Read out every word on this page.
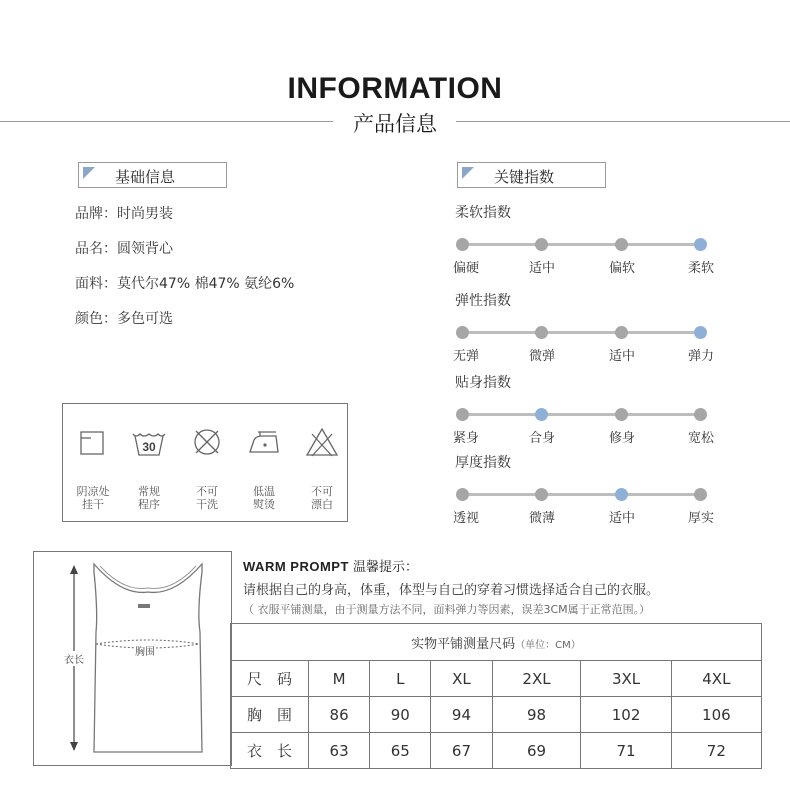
INFORMATION
产品信息
基础信息
品牌：时尚男装
品名：圆领背心
面料：莫代尔47% 棉47% 氨纶6%
颜色：多色可选
关键指数
柔软指数
偏硬	适中	偏软	柔软
弹性指数
无弹	微弹	适中	弹力
贴身指数
紧身	合身	修身	宽松
厚度指数
透视	微薄	适中	厚实
30
阴凉处
挂干
常规
程序
不可
干洗
低温
熨烫
不可
漂白
衣长
胸围
WARM PROMPT 温馨提示：
请根据自己的身高，体重，体型与自己的穿着习惯选择适合自己的衣服。
（ 衣服平铺测量，由于测量方法不同，面料弹力等因素，误差3CM属于正常范围。）
实物平铺测量尺码（单位：CM）						
尺　码	M	L	XL	2XL	3XL	4XL
胸　围	86	90	94	98	102	106
衣　长	63	65	67	69	71	72
